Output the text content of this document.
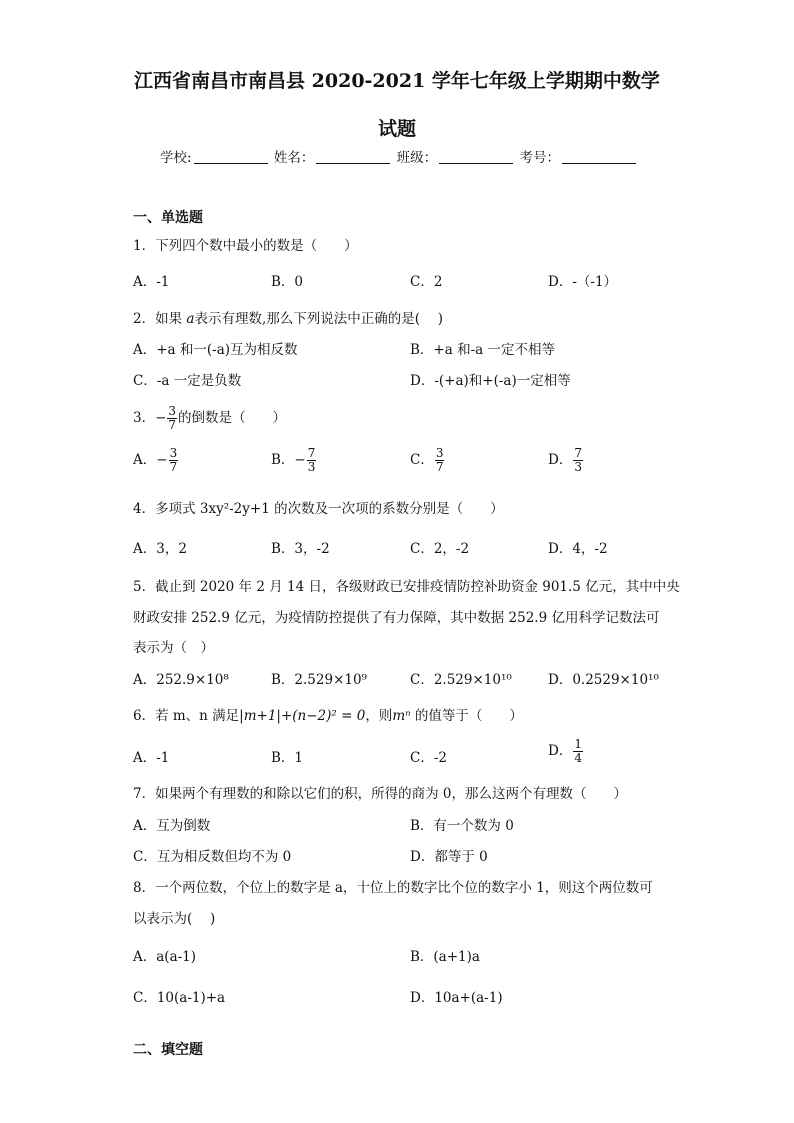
江西省南昌市南昌县 2020-2021 学年七年级上学期期中数学
试题
学校:	姓名：	班级：	考号：
一、单选题
1．下列四个数中最小的数是（　　）
A．-1	B．0	C．2	D．-（-1）
2．如果 a表示有理数,那么下列说法中正确的是(　 )
A．+a 和一(-a)互为相反数	B．+a 和-a 一定不相等
C．-a 一定是负数	D．-(+a)和+(-a)一定相等
3．− $\frac{3}{7}$ 的倒数是（　　）
A．− $\frac{3}{7}$	B．− $\frac{7}{3}$	C． $\frac{3}{7}$	D． $\frac{7}{3}$
4．多项式 3xy²-2y+1 的次数及一次项的系数分别是（　　）
A．3，2	B．3，-2	C．2，-2	D．4，-2
5．截止到 2020 年 2 月 14 日，各级财政已安排疫情防控补助资金 901.5 亿元，其中中央
财政安排 252.9 亿元，为疫情防控提供了有力保障，其中数据 252.9 亿用科学记数法可
表示为（　）
A．252.9×10⁸	B．2.529×10⁹	C．2.529×10¹⁰	D．0.2529×10¹⁰
6．若 m、n 满足|m+1|+(n−2)² = 0，则mⁿ 的值等于（　　）
A．-1	B．1	C．-2	D． $\frac{1}{4}$
7．如果两个有理数的和除以它们的积，所得的商为 0，那么这两个有理数（　　）
A．互为倒数	B．有一个数为 0
C．互为相反数但均不为 0	D．都等于 0
8．一个两位数，个位上的数字是 a，十位上的数字比个位的数字小 1，则这个两位数可
以表示为(　 )
A．a(a-1)	B．(a+1)a
C．10(a-1)+a	D．10a+(a-1)
二、填空题
